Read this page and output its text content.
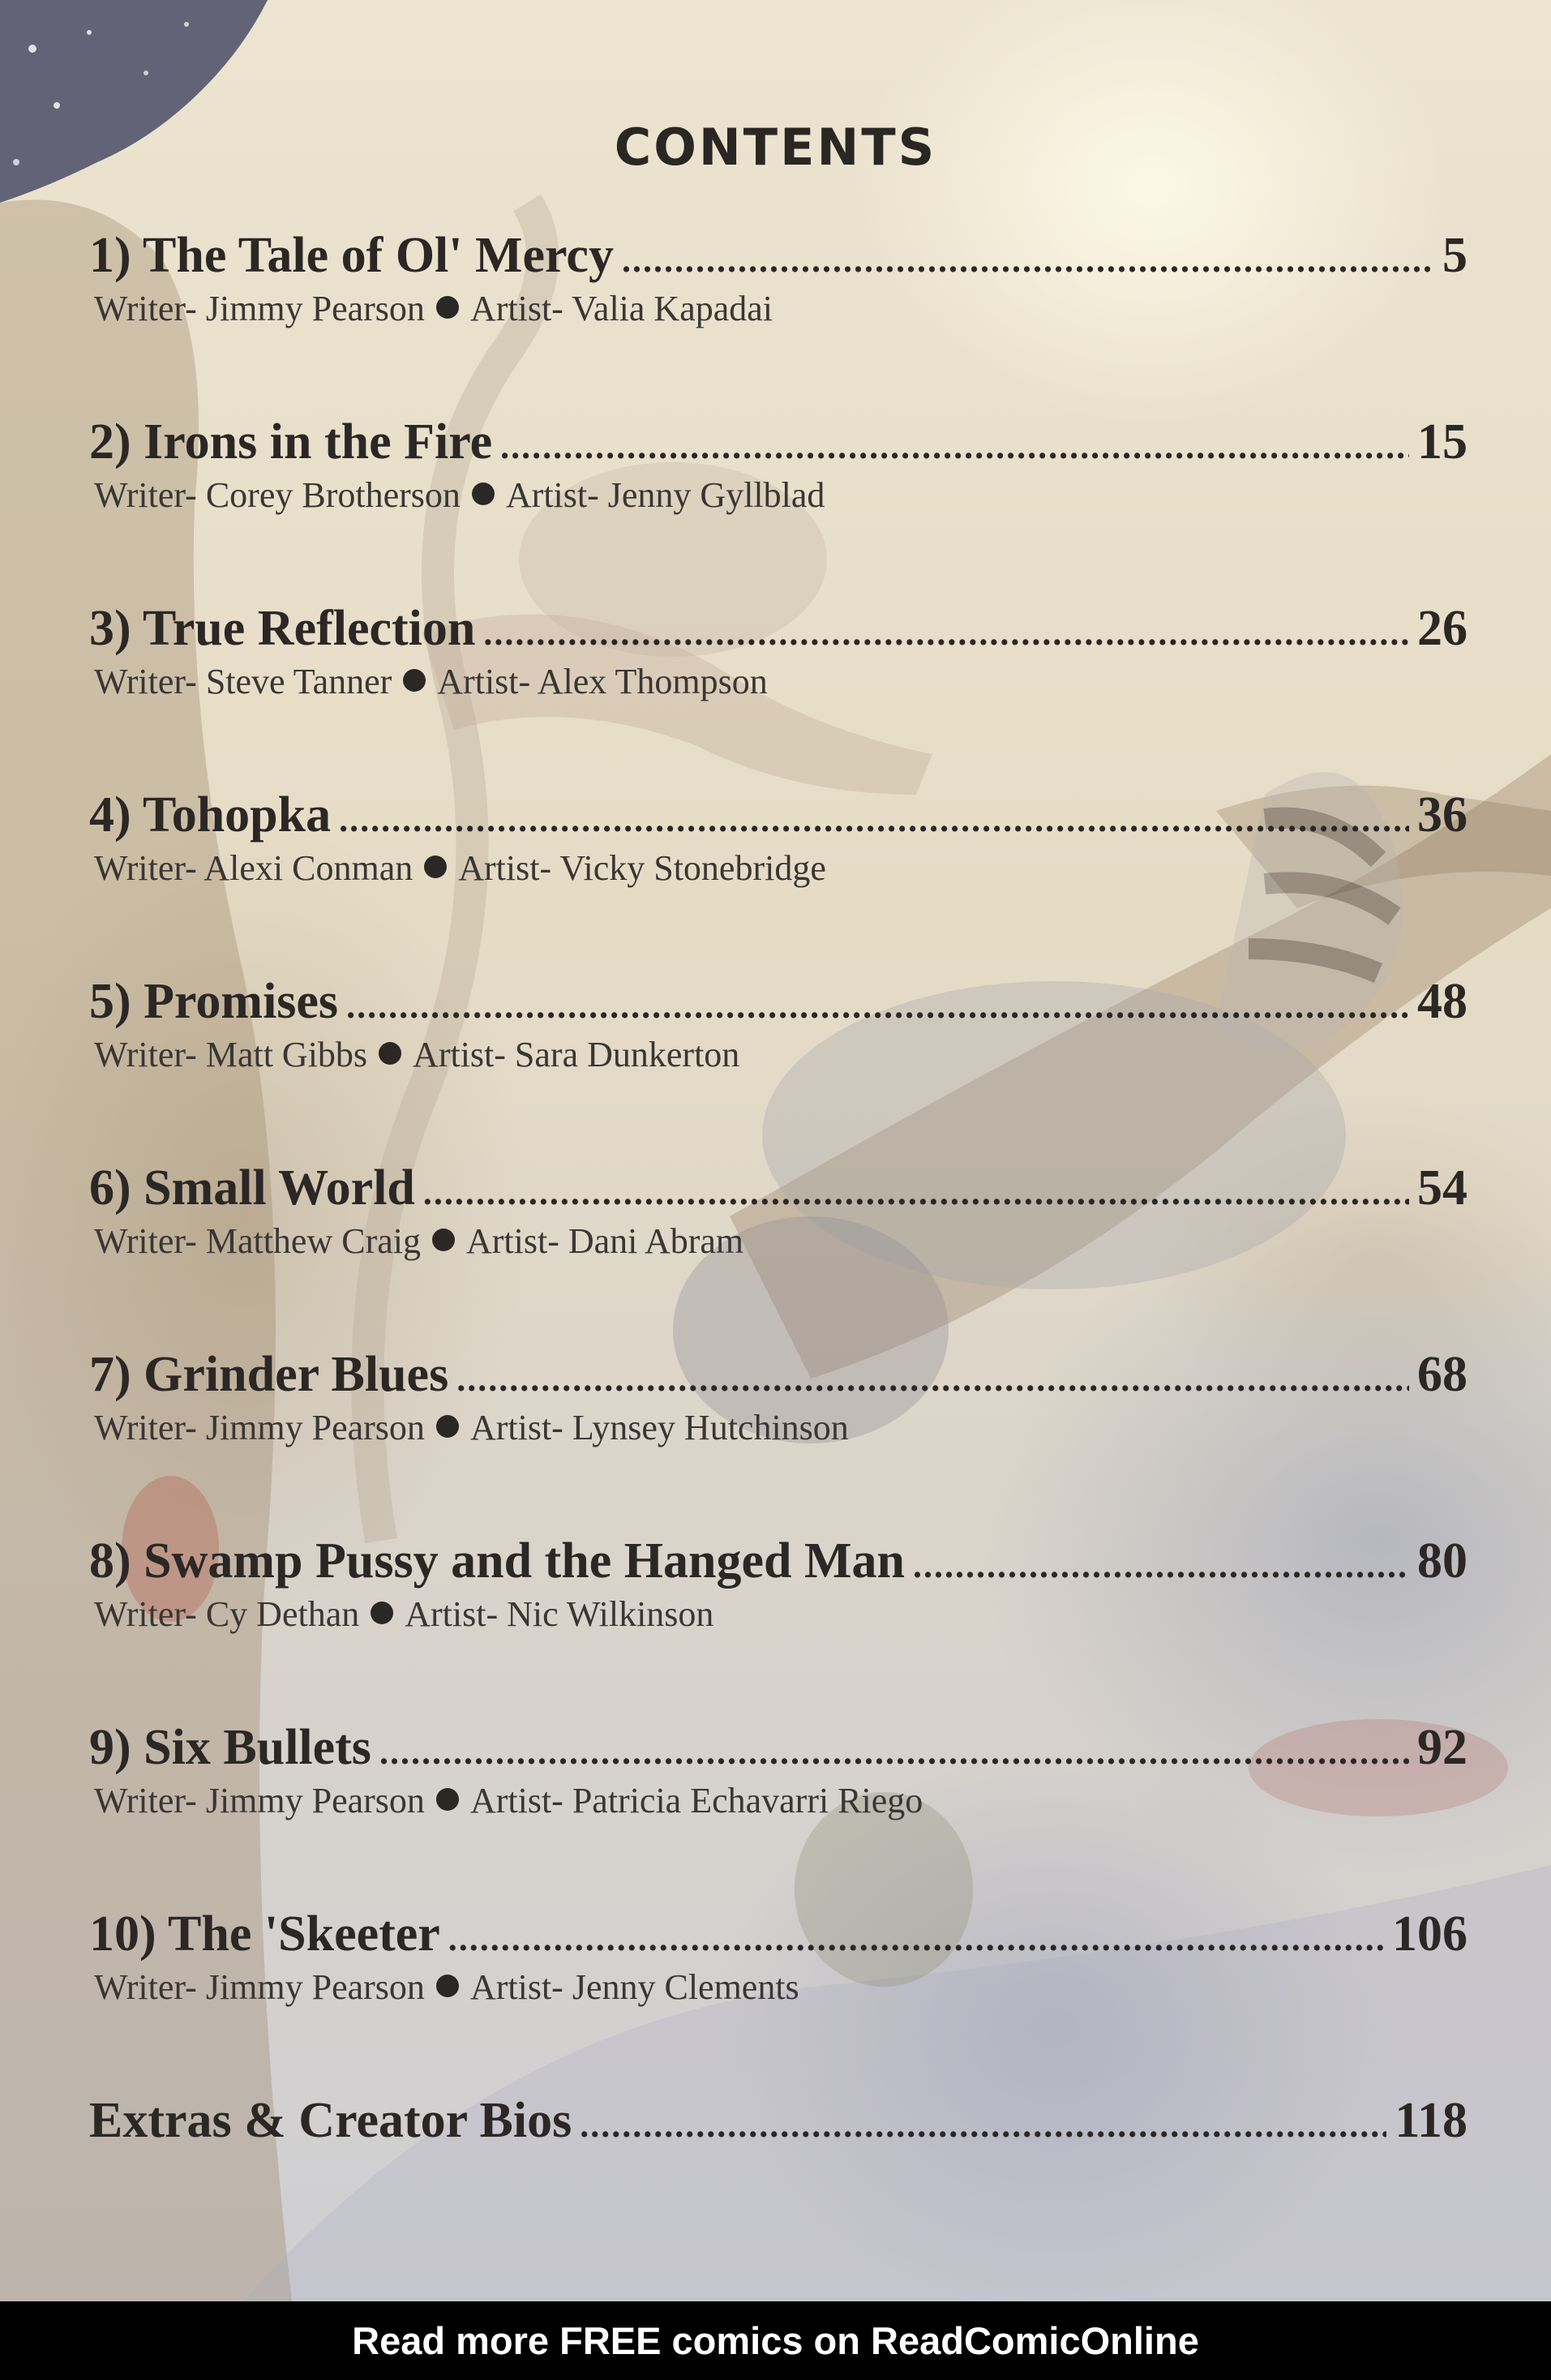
CONTENTS
1) The Tale of Ol' Mercy .....	5
Writer- Jimmy Pearson Artist- Valia Kapadai
2) Irons in the Fire .....	15
Writer- Corey Brotherson Artist- Jenny Gyllblad
3) True Reflection .....	26
Writer- Steve Tanner Artist- Alex Thompson
4) Tohopka .....	36
Writer- Alexi Conman Artist- Vicky Stonebridge
5) Promises .....	48
Writer- Matt Gibbs Artist- Sara Dunkerton
6) Small World .....	54
Writer- Matthew Craig Artist- Dani Abram
7) Grinder Blues .....	68
Writer- Jimmy Pearson Artist- Lynsey Hutchinson
8) Swamp Pussy and the Hanged Man .....	80
Writer- Cy Dethan Artist- Nic Wilkinson
9) Six Bullets .....	92
Writer- Jimmy Pearson Artist- Patricia Echavarri Riego
10) The 'Skeeter .....	106
Writer- Jimmy Pearson Artist- Jenny Clements
Extras & Creator Bios .....	118
Read more FREE comics on ReadComicOnline
